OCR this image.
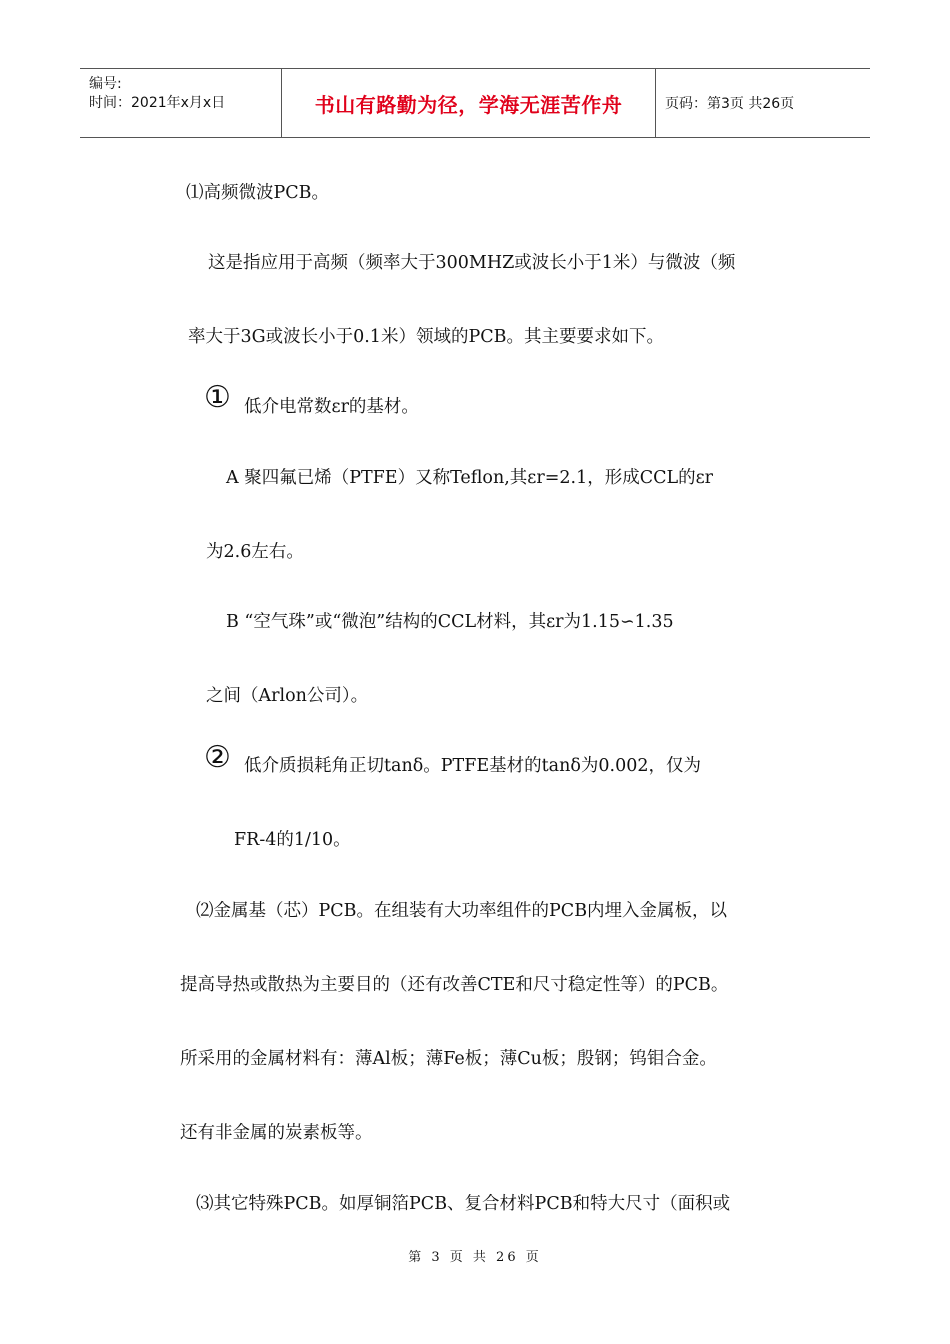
编号:
时间：2021年x月x日	书山有路勤为径，学海无涯苦作舟	页码：第3页 共26页
⑴高频微波PCB。
这是指应用于高频（频率大于300MHZ或波长小于1米）与微波（频
率大于3G或波长小于0.1米）领域的PCB。其主要要求如下。
① 低介电常数εr的基材。
A 聚四氟已烯（PTFE）又称Teflon,其εr=2.1，形成CCL的εr
为2.6左右。
B “空气珠”或“微泡”结构的CCL材料，其εr为1.15∽1.35
之间（Arlon公司）。
② 低介质损耗角正切tanδ。PTFE基材的tanδ为0.002，仅为
FR-4的1/10。
⑵金属基（芯）PCB。在组装有大功率组件的PCB内埋入金属板，以
提高导热或散热为主要目的（还有改善CTE和尺寸稳定性等）的PCB。
所采用的金属材料有：薄Al板；薄Fe板；薄Cu板；殷钢；钨钼合金。
还有非金属的炭素板等。
⑶其它特殊PCB。如厚铜箔PCB、复合材料PCB和特大尺寸（面积或
第 3 页 共 26 页
